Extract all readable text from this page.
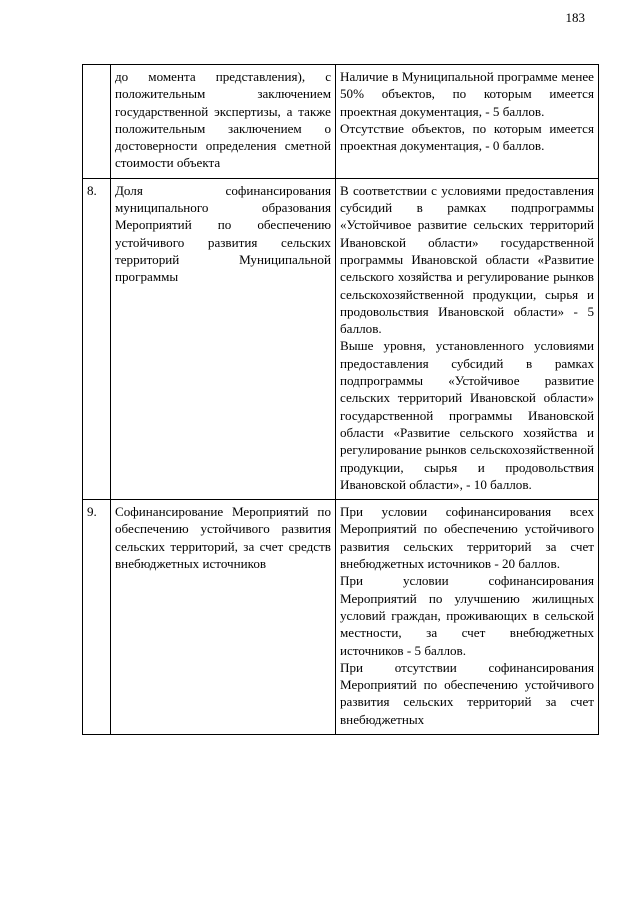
183
	до момента представления), с положительным заключением государственной экспертизы, а также положительным заключением о достоверности определения сметной стоимости объекта	Наличие в Муниципальной программе менее 50% объектов, по которым имеется проектная документация, - 5 баллов.

Отсутствие объектов, по которым имеется проектная документация, - 0 баллов.

8.	Доля софинансирования муниципального образования Мероприятий по обеспечению устойчивого развития сельских территорий Муниципальной программы	В соответствии с условиями предоставления субсидий в рамках подпрограммы «Устойчивое развитие сельских территорий Ивановской области» государственной программы Ивановской области «Развитие сельского хозяйства и регулирование рынков сельскохозяйственной продукции, сырья и продовольствия Ивановской области» - 5 баллов.

Выше уровня, установленного условиями предоставления субсидий в рамках подпрограммы «Устойчивое развитие сельских территорий Ивановской области» государственной программы Ивановской области «Развитие сельского хозяйства и регулирование рынков сельскохозяйственной продукции, сырья и продовольствия Ивановской области», - 10 баллов.

9.	Софинансирование Мероприятий по обеспечению устойчивого развития сельских территорий, за счет средств внебюджетных источников	При условии софинансирования всех Мероприятий по обеспечению устойчивого развития сельских территорий за счет внебюджетных источников - 20 баллов.

При условии софинансирования Мероприятий по улучшению жилищных условий граждан, проживающих в сельской местности, за счет внебюджетных источников - 5 баллов.

При отсутствии софинансирования Мероприятий по обеспечению устойчивого развития сельских территорий за счет внебюджетных
